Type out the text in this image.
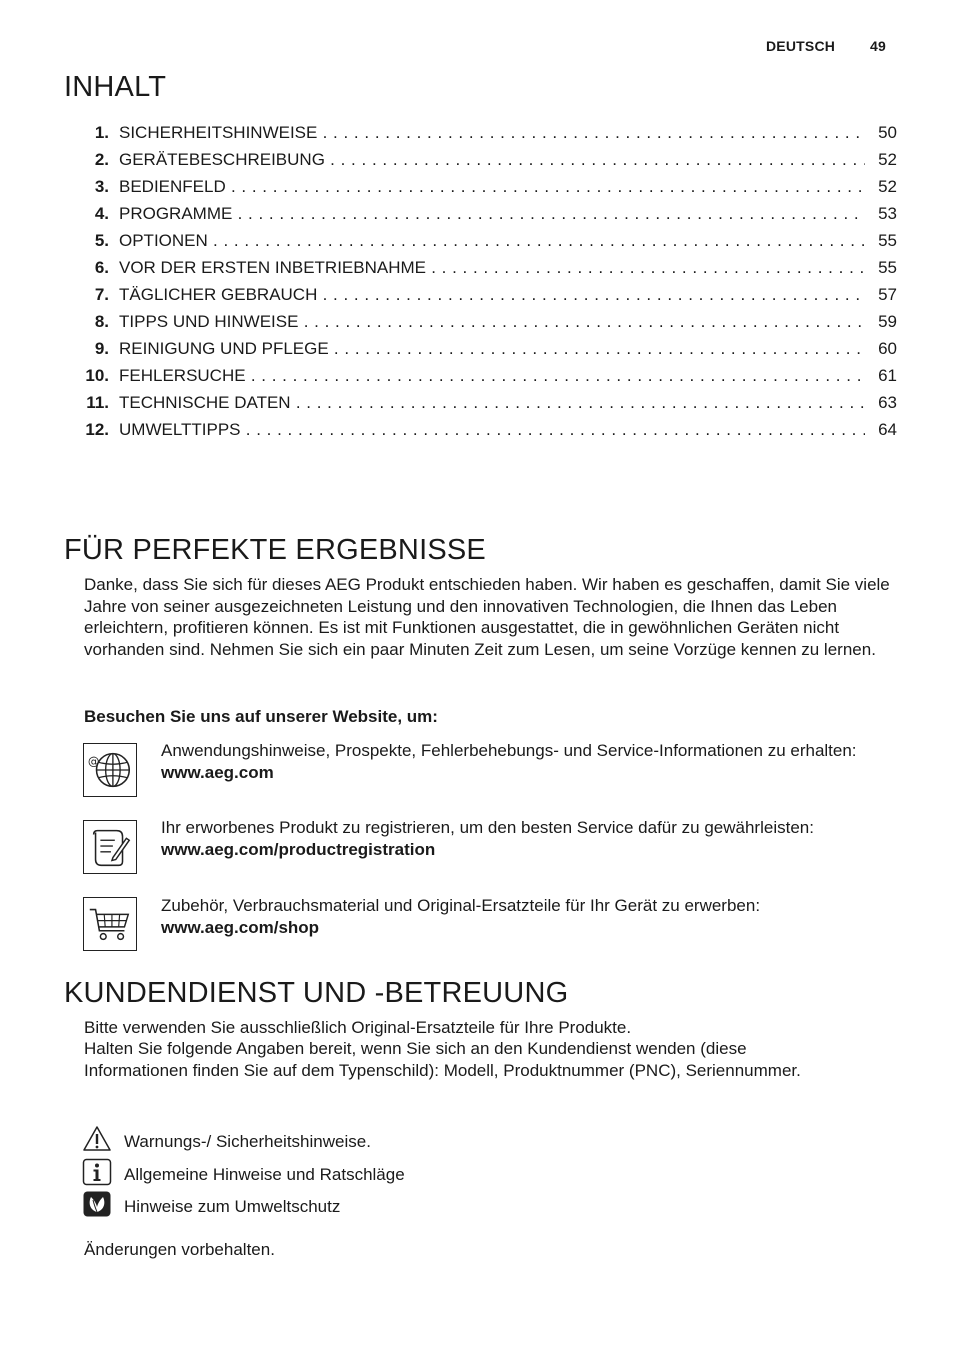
DEUTSCH 49
INHALT
1. SICHERHEITSHINWEISE . . .	50
2. GERÄTEBESCHREIBUNG . . .	52
3. BEDIENFELD . . .	52
4. PROGRAMME . . .	53
5. OPTIONEN . . .	55
6. VOR DER ERSTEN INBETRIEBNAHME . . .	55
7. TÄGLICHER GEBRAUCH . . .	57
8. TIPPS UND HINWEISE . . .	59
9. REINIGUNG UND PFLEGE . . .	60
10. FEHLERSUCHE . . .	61
11. TECHNISCHE DATEN . . .	63
12. UMWELTTIPPS . . .	64
FÜR PERFEKTE ERGEBNISSE

Danke, dass Sie sich für dieses AEG Produkt entschieden haben. Wir haben es geschaffen, damit Sie viele Jahre von seiner ausgezeichneten Leistung und den innovativen Technologien, die Ihnen das Leben erleichtern, profitieren können. Es ist mit Funktionen ausgestattet, die in gewöhnlichen Geräten nicht vorhanden sind. Nehmen Sie sich ein paar Minuten Zeit zum Lesen, um seine Vorzüge kennen zu lernen.

Besuchen Sie uns auf unserer Website, um:

@
Anwendungshinweise, Prospekte, Fehlerbehebungs- und Service-Informationen zu erhalten:
www.aeg.com
Ihr erworbenes Produkt zu registrieren, um den besten Service dafür zu gewährleisten:
www.aeg.com/productregistration
Zubehör, Verbrauchsmaterial und Original-Ersatzteile für Ihr Gerät zu erwerben:
www.aeg.com/shop
KUNDENDIENST UND -BETREUUNG

Bitte verwenden Sie ausschließlich Original-Ersatzteile für Ihre Produkte.

Halten Sie folgende Angaben bereit, wenn Sie sich an den Kundendienst wenden (diese Informationen finden Sie auf dem Typenschild): Modell, Produktnummer (PNC), Seriennummer.

Warnungs-/ Sicherheitshinweise.
Allgemeine Hinweise und Ratschläge
Hinweise zum Umweltschutz

Änderungen vorbehalten.
